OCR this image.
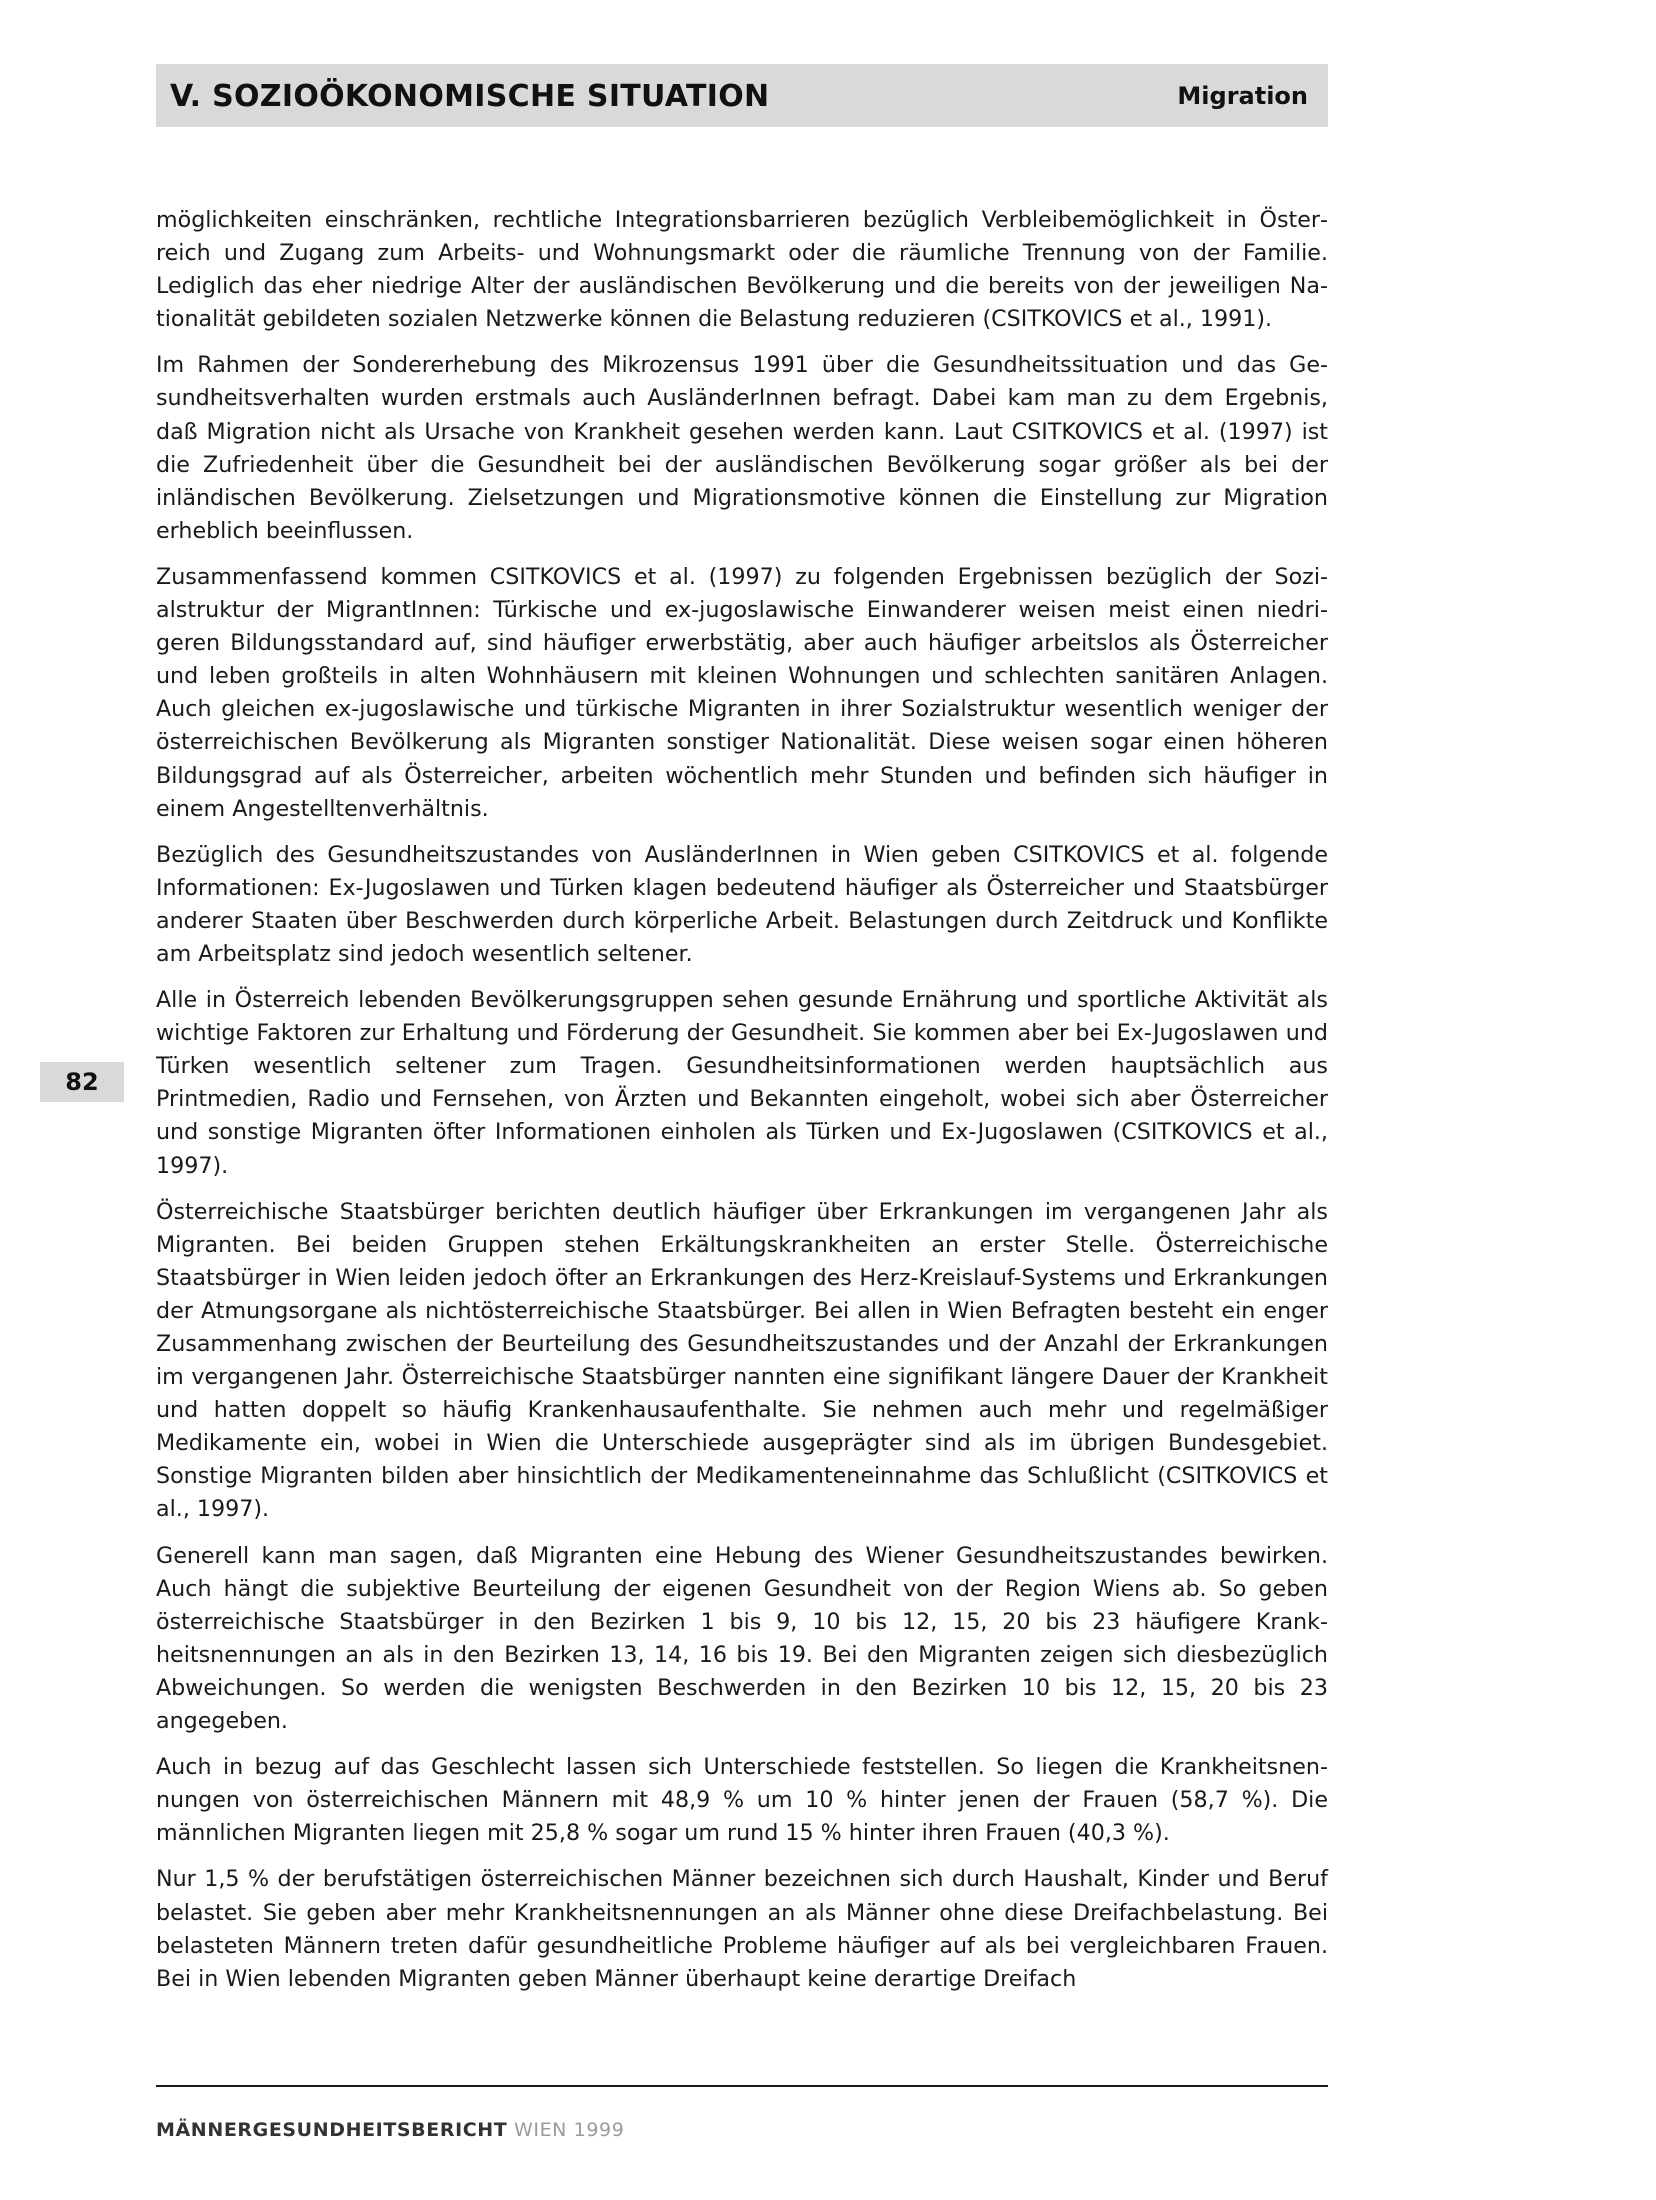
V. SOZIOÖKONOMISCHE SITUATION	Migration
82

möglichkeiten einschränken, rechtliche Integrationsbarrieren bezüglich Verbleibemöglichkeit in Österreich und Zugang zum Arbeits- und Wohnungsmarkt oder die räumliche Trennung von der Familie. Lediglich das eher niedrige Alter der ausländischen Bevölkerung und die bereits von der jeweiligen Nationalität gebildeten sozialen Netzwerke können die Belastung reduzieren (CSITKOVICS et al., 1991).

Im Rahmen der Sondererhebung des Mikrozensus 1991 über die Gesundheitssituation und das Gesundheitsverhalten wurden erstmals auch AusländerInnen befragt. Dabei kam man zu dem Ergebnis, daß Migration nicht als Ursache von Krankheit gesehen werden kann. Laut CSITKOVICS et al. (1997) ist die Zufriedenheit über die Gesundheit bei der ausländischen Bevölkerung sogar größer als bei der inländischen Bevölkerung. Zielsetzungen und Migrationsmotive können die Einstellung zur Migration erheblich beeinflussen.

Zusammenfassend kommen CSITKOVICS et al. (1997) zu folgenden Ergebnissen bezüglich der Sozialstruktur der MigrantInnen: Türkische und ex-jugoslawische Einwanderer weisen meist einen niedrigeren Bildungsstandard auf, sind häufiger erwerbstätig, aber auch häufiger arbeitslos als Österreicher und leben großteils in alten Wohnhäusern mit kleinen Wohnungen und schlechten sanitären Anlagen. Auch gleichen ex-jugoslawische und türkische Migranten in ihrer Sozialstruktur wesentlich weniger der österreichischen Bevölkerung als Migranten sonstiger Nationalität. Diese weisen sogar einen höheren Bildungsgrad auf als Österreicher, arbeiten wöchentlich mehr Stunden und befinden sich häufiger in einem Angestelltenverhältnis.

Bezüglich des Gesundheitszustandes von AusländerInnen in Wien geben CSITKOVICS et al. folgende Informationen: Ex-Jugoslawen und Türken klagen bedeutend häufiger als Österreicher und Staatsbürger anderer Staaten über Beschwerden durch körperliche Arbeit. Belastungen durch Zeitdruck und Konflikte am Arbeitsplatz sind jedoch wesentlich seltener.

Alle in Österreich lebenden Bevölkerungsgruppen sehen gesunde Ernährung und sportliche Aktivität als wichtige Faktoren zur Erhaltung und Förderung der Gesundheit. Sie kommen aber bei Ex-Jugoslawen und Türken wesentlich seltener zum Tragen. Gesundheitsinformationen werden hauptsächlich aus Printmedien, Radio und Fernsehen, von Ärzten und Bekannten eingeholt, wobei sich aber Österreicher und sonstige Migranten öfter Informationen einholen als Türken und Ex-Jugoslawen (CSITKOVICS et al., 1997).

Österreichische Staatsbürger berichten deutlich häufiger über Erkrankungen im vergangenen Jahr als Migranten. Bei beiden Gruppen stehen Erkältungskrankheiten an erster Stelle. Österreichische Staatsbürger in Wien leiden jedoch öfter an Erkrankungen des Herz-Kreislauf-Systems und Erkrankungen der Atmungsorgane als nichtösterreichische Staatsbürger. Bei allen in Wien Befragten besteht ein enger Zusammenhang zwischen der Beurteilung des Gesundheitszustandes und der Anzahl der Erkrankungen im vergangenen Jahr. Österreichische Staatsbürger nannten eine signifikant längere Dauer der Krankheit und hatten doppelt so häufig Krankenhausaufenthalte. Sie nehmen auch mehr und regelmäßiger Medikamente ein, wobei in Wien die Unterschiede ausgeprägter sind als im übrigen Bundesgebiet. Sonstige Migranten bilden aber hinsichtlich der Medikamenteneinnahme das Schlußlicht (CSITKOVICS et al., 1997).

Generell kann man sagen, daß Migranten eine Hebung des Wiener Gesundheitszustandes bewirken. Auch hängt die subjektive Beurteilung der eigenen Gesundheit von der Region Wiens ab. So geben österreichische Staatsbürger in den Bezirken 1 bis 9, 10 bis 12, 15, 20 bis 23 häufigere Krankheitsnennungen an als in den Bezirken 13, 14, 16 bis 19. Bei den Migranten zeigen sich diesbezüglich Abweichungen. So werden die wenigsten Beschwerden in den Bezirken 10 bis 12, 15, 20 bis 23 angegeben.

Auch in bezug auf das Geschlecht lassen sich Unterschiede feststellen. So liegen die Krankheitsnennungen von österreichischen Männern mit 48,9 % um 10 % hinter jenen der Frauen (58,7 %). Die männlichen Migranten liegen mit 25,8 % sogar um rund 15 % hinter ihren Frauen (40,3 %).

Nur 1,5 % der berufstätigen österreichischen Männer bezeichnen sich durch Haushalt, Kinder und Beruf belastet. Sie geben aber mehr Krankheitsnennungen an als Männer ohne diese Dreifachbelastung. Bei belasteten Männern treten dafür gesundheitliche Probleme häufiger auf als bei vergleichbaren Frauen. Bei in Wien lebenden Migranten geben Männer überhaupt keine derartige Dreifach

MÄNNERGESUNDHEITSBERICHT WIEN 1999
